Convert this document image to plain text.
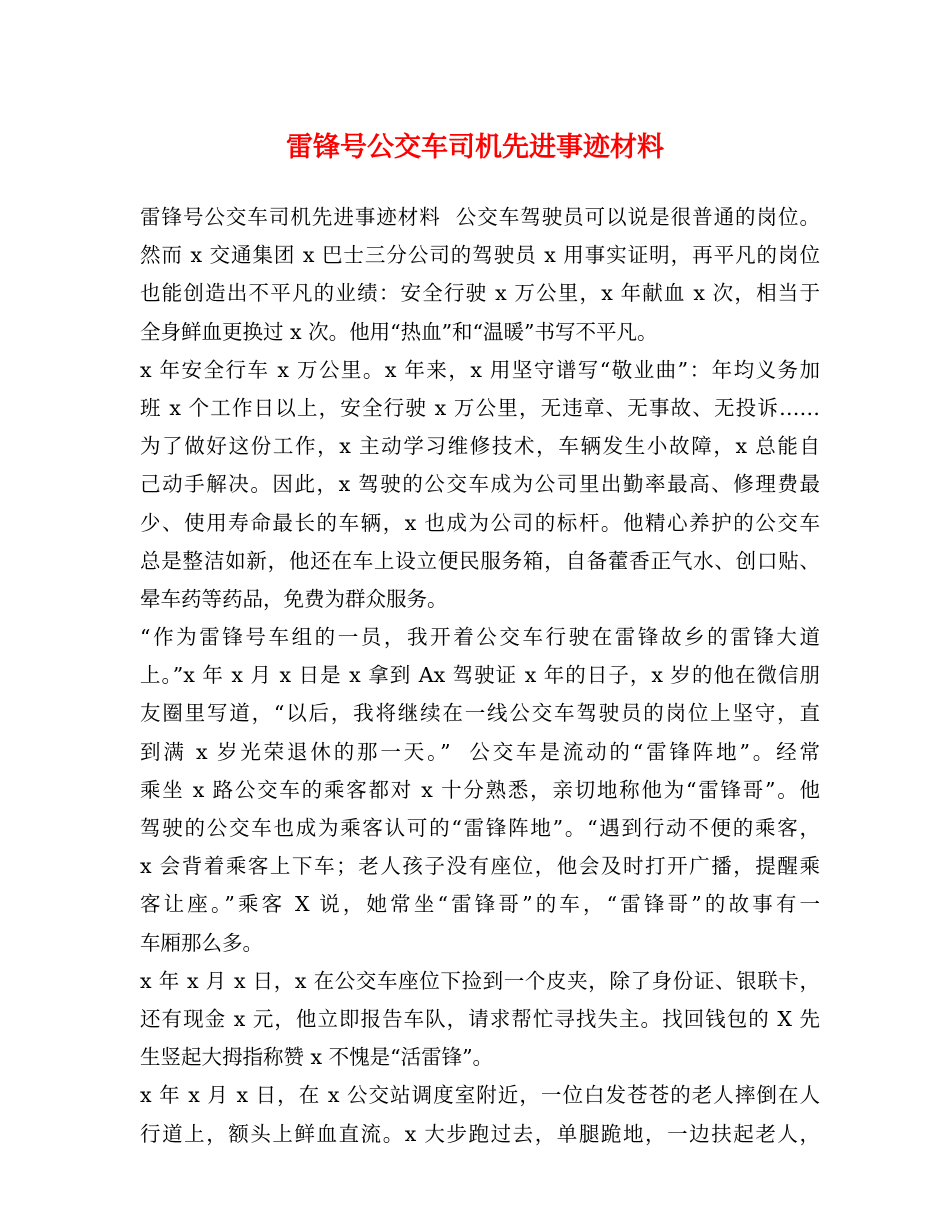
雷锋号公交车司机先进事迹材料
雷锋号公交车司机先进事迹材料  公交车驾驶员可以说是很普通的岗位。
然而 x 交通集团 x 巴士三分公司的驾驶员 x 用事实证明，再平凡的岗位
也能创造出不平凡的业绩：安全行驶 x 万公里，x 年献血 x 次，相当于
全身鲜血更换过 x 次。他用“热血”和“温暖”书写不平凡。
x 年安全行车 x 万公里。x 年来，x 用坚守谱写“敬业曲”：年均义务加
班 x 个工作日以上，安全行驶 x 万公里，无违章、无事故、无投诉……
为了做好这份工作，x 主动学习维修技术，车辆发生小故障，x 总能自
己动手解决。因此，x 驾驶的公交车成为公司里出勤率最高、修理费最
少、使用寿命最长的车辆，x 也成为公司的标杆。他精心养护的公交车
总是整洁如新，他还在车上设立便民服务箱，自备藿香正气水、创口贴、
晕车药等药品，免费为群众服务。
“作为雷锋号车组的一员，我开着公交车行驶在雷锋故乡的雷锋大道
上。”x 年 x 月 x 日是 x 拿到 Ax 驾驶证 x 年的日子，x 岁的他在微信朋
友圈里写道，“以后，我将继续在一线公交车驾驶员的岗位上坚守，直
到满 x 岁光荣退休的那一天。”  公交车是流动的“雷锋阵地”。经常
乘坐 x 路公交车的乘客都对 x 十分熟悉，亲切地称他为“雷锋哥”。他
驾驶的公交车也成为乘客认可的“雷锋阵地”。“遇到行动不便的乘客，
x 会背着乘客上下车；老人孩子没有座位，他会及时打开广播，提醒乘
客让座。”乘客 X 说，她常坐“雷锋哥”的车，“雷锋哥”的故事有一
车厢那么多。
x 年 x 月 x 日，x 在公交车座位下捡到一个皮夹，除了身份证、银联卡，
还有现金 x 元，他立即报告车队，请求帮忙寻找失主。找回钱包的 X 先
生竖起大拇指称赞 x 不愧是“活雷锋”。
x 年 x 月 x 日，在 x 公交站调度室附近，一位白发苍苍的老人摔倒在人
行道上，额头上鲜血直流。x 大步跑过去，单腿跪地，一边扶起老人，
